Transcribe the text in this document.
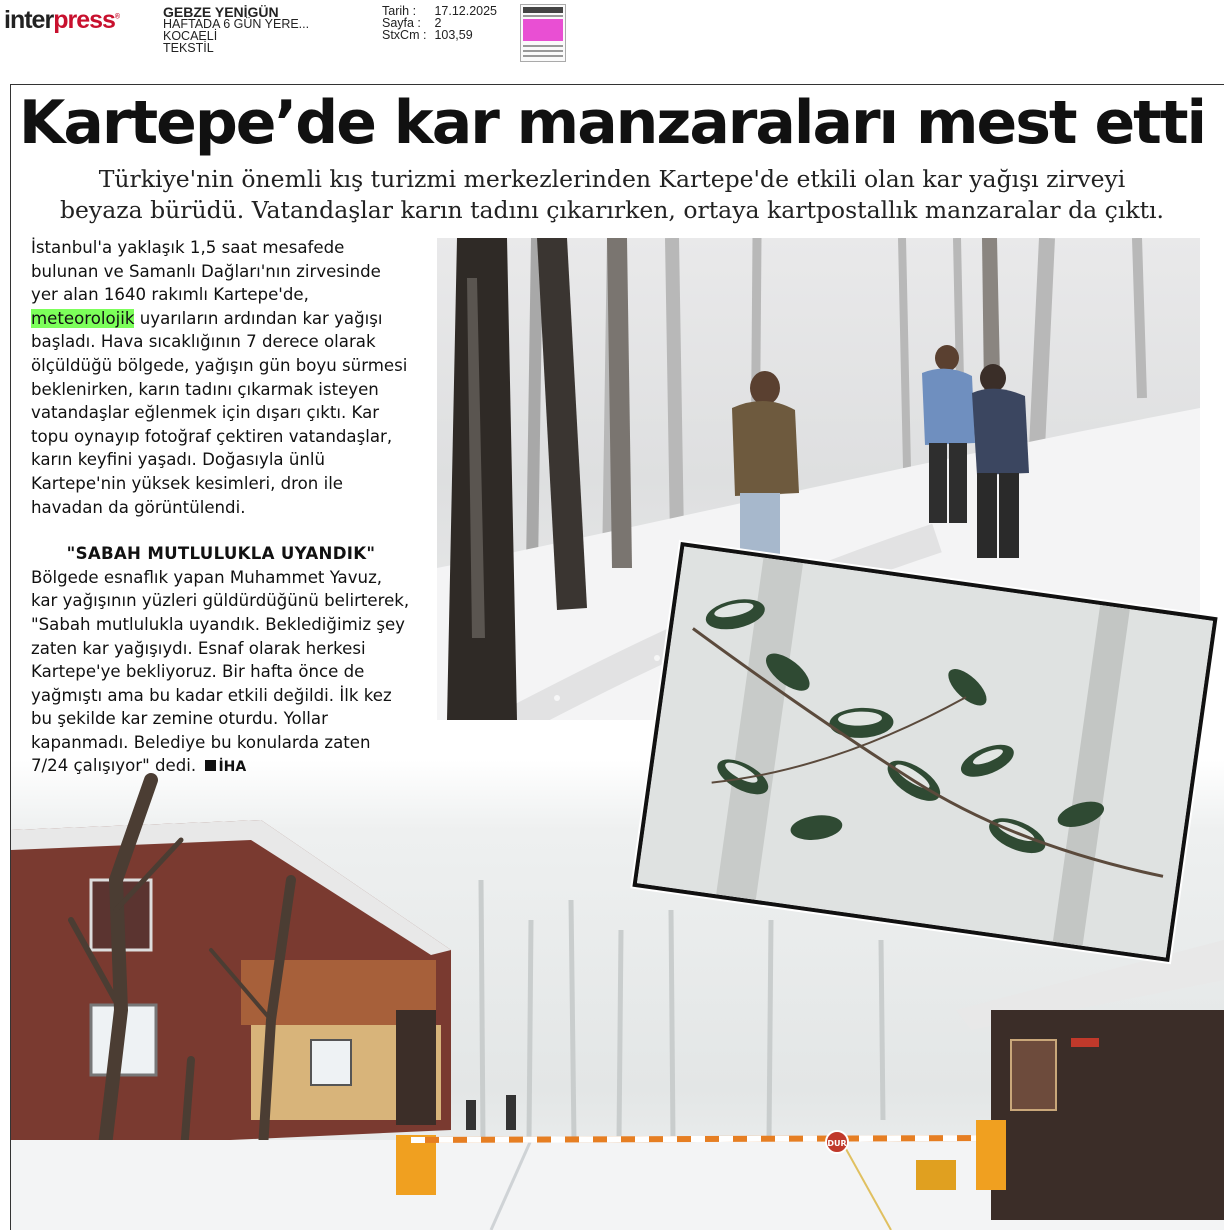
interpress®	GEBZE YENİGÜN
HAFTADA 6 GÜN YERE...
KOCAELİ
TEKSTİL
Tarih :	17.12.2025
Sayfa :	2
StxCm :	103,59
Kartepe’de kar manzaraları mest etti
Türkiye'nin önemli kış turizmi merkezlerinden Kartepe'de etkili olan kar yağışı zirveyi
beyaza bürüdü. Vatandaşlar karın tadını çıkarırken, ortaya kartpostallık manzaralar da çıktı.
DUR

İstanbul'a yaklaşık 1,5 saat mesafede bulunan ve Samanlı Dağları'nın zirvesinde yer alan 1640 rakımlı Kartepe'de, meteorolojik uyarıların ardından kar yağışı başladı. Hava sıcaklığının 7 derece olarak ölçüldüğü bölgede, yağışın gün boyu sürmesi beklenirken, karın tadını çıkarmak isteyen vatandaşlar eğlenmek için dışarı çıktı. Kar topu oynayıp fotoğraf çektiren vatandaşlar, karın keyfini yaşadı. Doğasıyla ünlü Kartepe'nin yüksek kesimleri, dron ile havadan da görüntülendi.

"SABAH MUTLULUKLA UYANDIK"

Bölgede esnaflık yapan Muhammet Yavuz, kar yağışının yüzleri güldürdüğünü belirterek, "Sabah mutlulukla uyandık. Beklediğimiz şey zaten kar yağışıydı. Esnaf olarak herkesi Kartepe'ye bekliyoruz. Bir hafta önce de yağmıştı ama bu kadar etkili değildi. İlk kez bu şekilde kar zemine oturdu. Yollar kapanmadı. Belediye bu konularda zaten 7/24 çalışıyor" dedi. İHA
